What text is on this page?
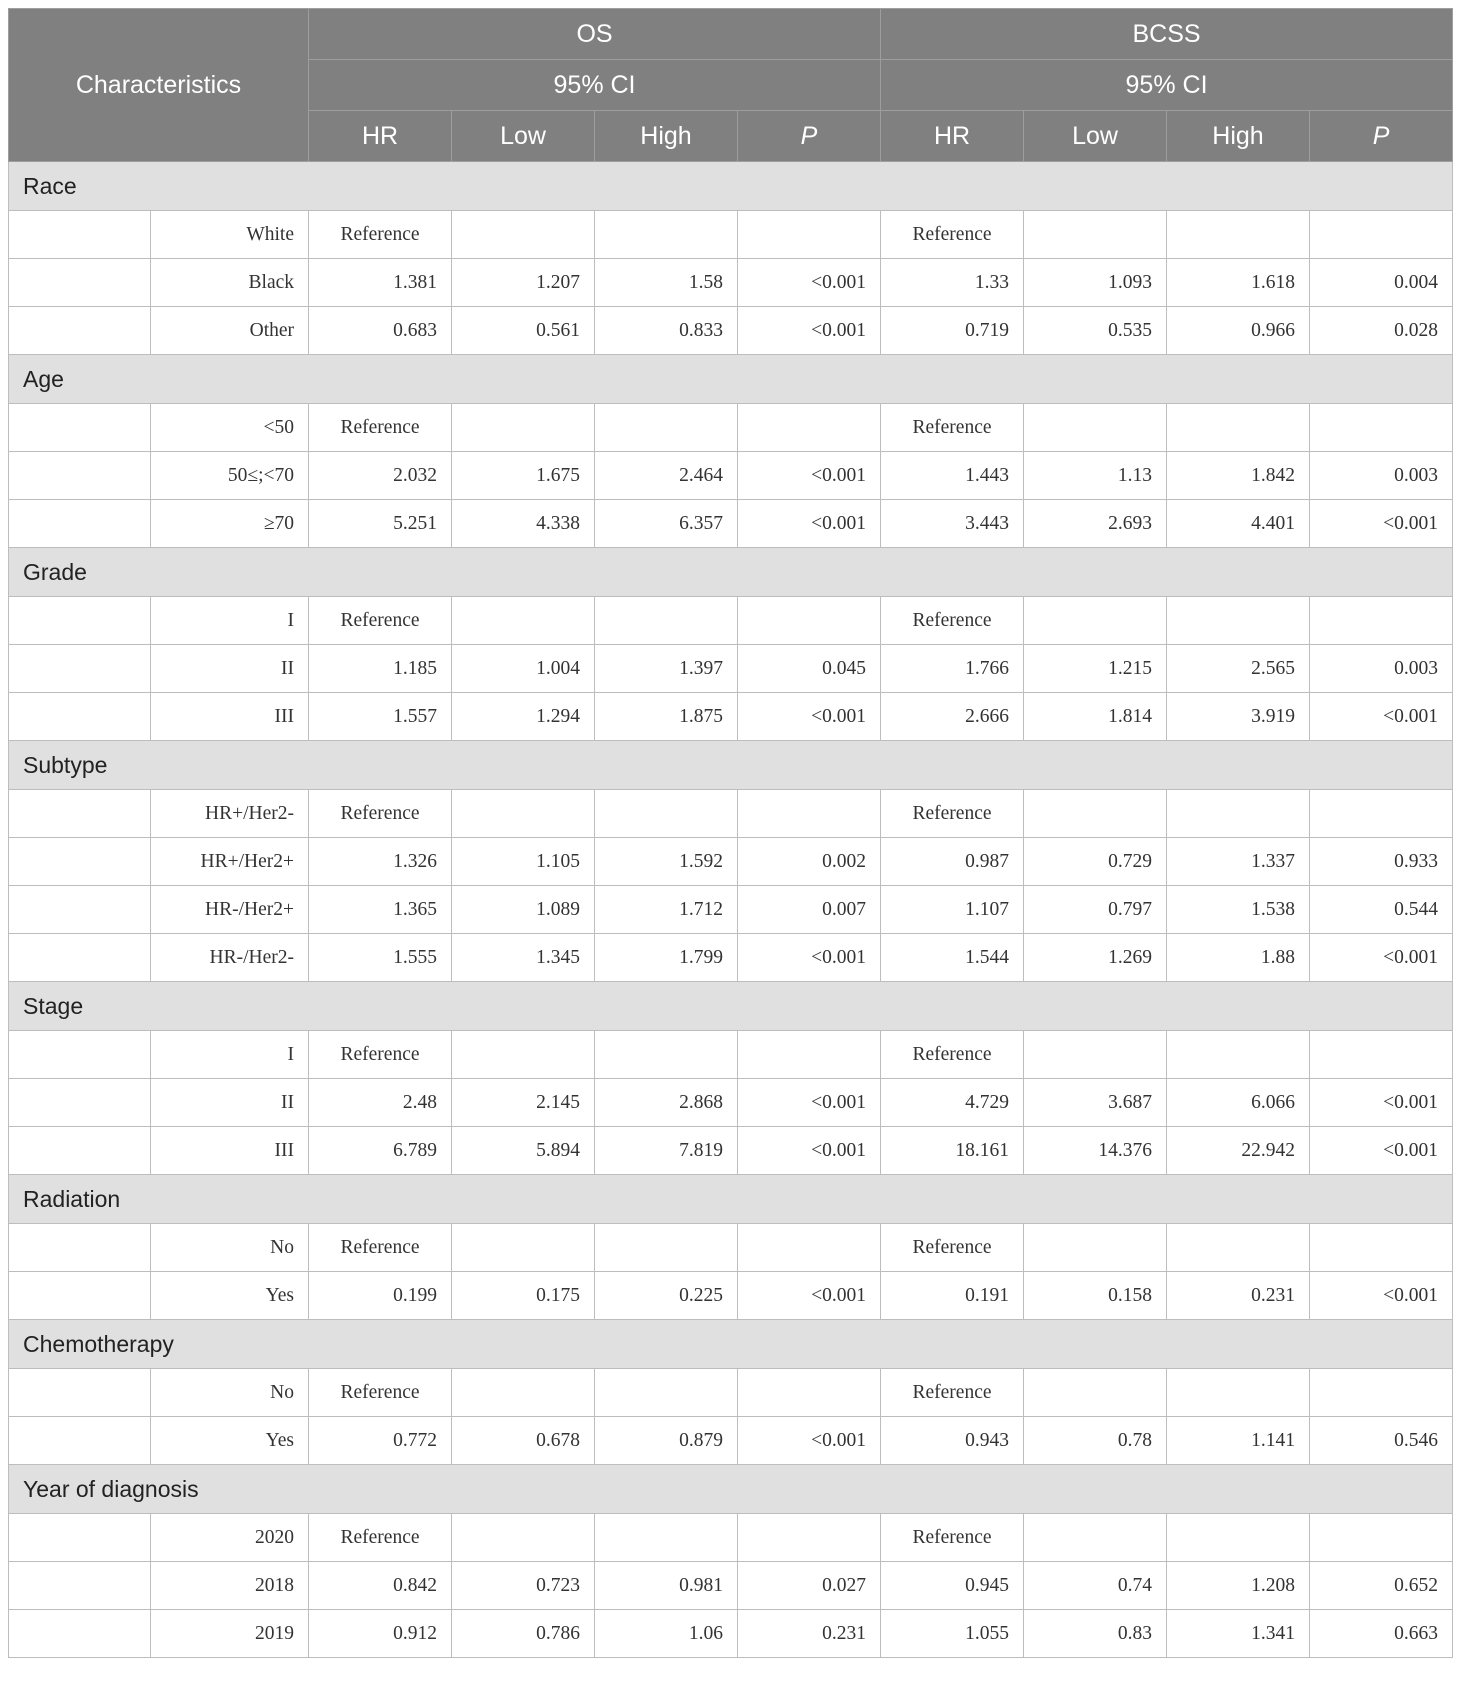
Characteristics		OS				BCSS			
		95% CI				95% CI			
		HR	Low	High	P	HR	Low	High	P
Race									
	White	Reference				Reference			
	Black	1.381	1.207	1.58	<0.001	1.33	1.093	1.618	0.004
	Other	0.683	0.561	0.833	<0.001	0.719	0.535	0.966	0.028
Age									
	<50	Reference				Reference			
	50≤;<70	2.032	1.675	2.464	<0.001	1.443	1.13	1.842	0.003
	≥70	5.251	4.338	6.357	<0.001	3.443	2.693	4.401	<0.001
Grade									
	I	Reference				Reference			
	II	1.185	1.004	1.397	0.045	1.766	1.215	2.565	0.003
	III	1.557	1.294	1.875	<0.001	2.666	1.814	3.919	<0.001
Subtype									
	HR+/Her2-	Reference				Reference			
	HR+/Her2+	1.326	1.105	1.592	0.002	0.987	0.729	1.337	0.933
	HR-/Her2+	1.365	1.089	1.712	0.007	1.107	0.797	1.538	0.544
	HR-/Her2-	1.555	1.345	1.799	<0.001	1.544	1.269	1.88	<0.001
Stage									
	I	Reference				Reference			
	II	2.48	2.145	2.868	<0.001	4.729	3.687	6.066	<0.001
	III	6.789	5.894	7.819	<0.001	18.161	14.376	22.942	<0.001
Radiation									
	No	Reference				Reference			
	Yes	0.199	0.175	0.225	<0.001	0.191	0.158	0.231	<0.001
Chemotherapy									
	No	Reference				Reference			
	Yes	0.772	0.678	0.879	<0.001	0.943	0.78	1.141	0.546
Year of diagnosis									
	2020	Reference				Reference			
	2018	0.842	0.723	0.981	0.027	0.945	0.74	1.208	0.652
	2019	0.912	0.786	1.06	0.231	1.055	0.83	1.341	0.663
